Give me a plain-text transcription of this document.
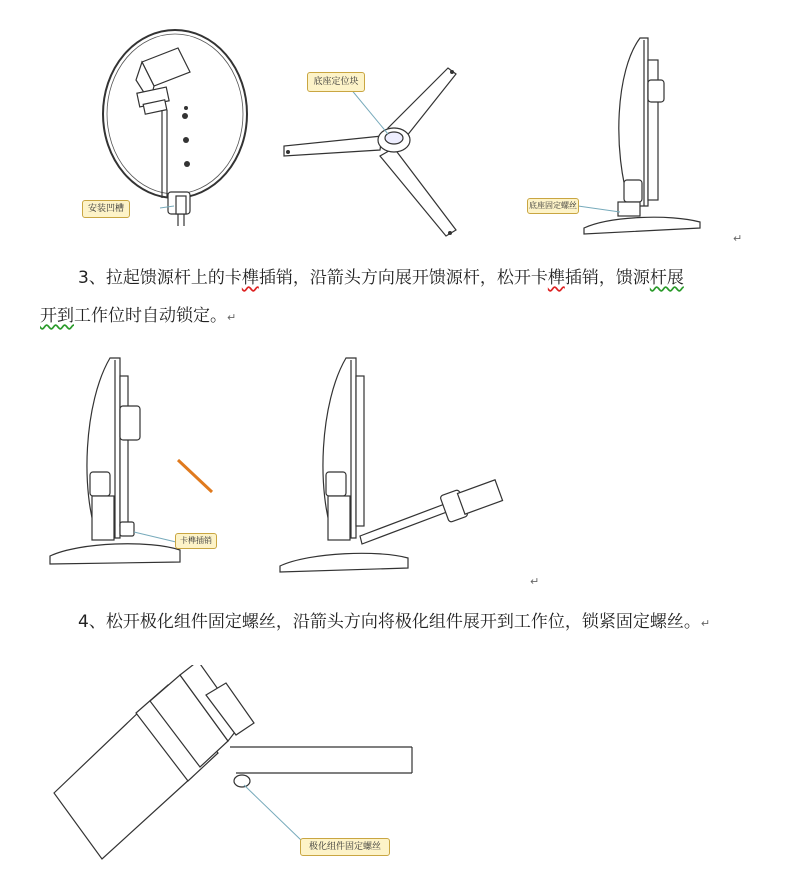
安装凹槽
底座定位块
底座固定螺丝
↵
3、拉起馈源杆上的卡榫插销，沿箭头方向展开馈源杆，松开卡榫插销，馈源杆展
开到工作位时自动锁定。↵
卡榫插销
↵
4、松开极化组件固定螺丝，沿箭头方向将极化组件展开到工作位，锁紧固定螺丝。↵
极化组件固定螺丝
